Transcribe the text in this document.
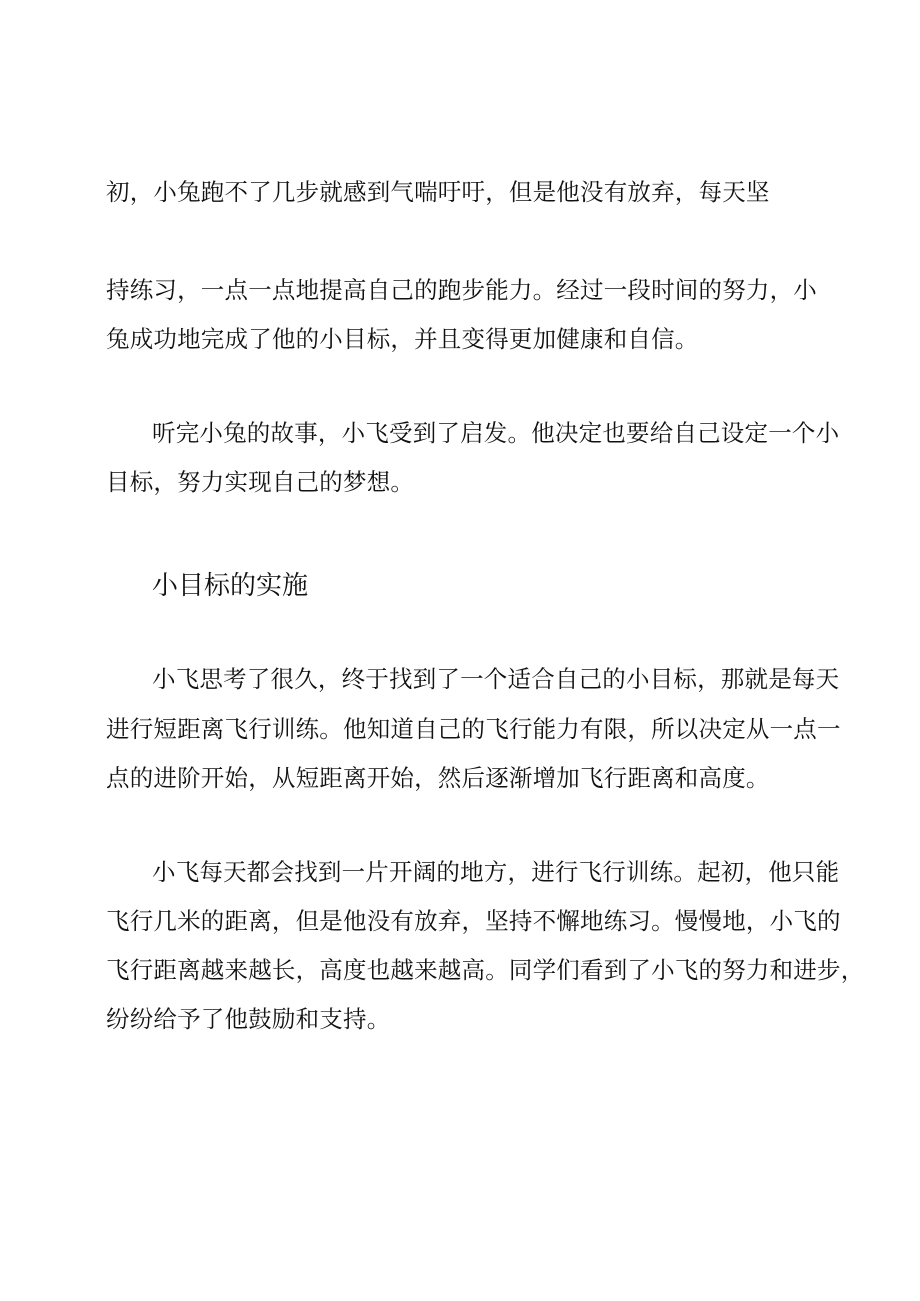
初，小兔跑不了几步就感到气喘吁吁，但是他没有放弃，每天坚
持练习，一点一点地提高自己的跑步能力。经过一段时间的努力，小
兔成功地完成了他的小目标，并且变得更加健康和自信。
听完小兔的故事，小飞受到了启发。他决定也要给自己设定一个小
目标，努力实现自己的梦想。
小目标的实施
小飞思考了很久，终于找到了一个适合自己的小目标，那就是每天
进行短距离飞行训练。他知道自己的飞行能力有限，所以决定从一点一
点的进阶开始，从短距离开始，然后逐渐增加飞行距离和高度。
小飞每天都会找到一片开阔的地方，进行飞行训练。起初，他只能
飞行几米的距离，但是他没有放弃，坚持不懈地练习。慢慢地，小飞的
飞行距离越来越长，高度也越来越高。同学们看到了小飞的努力和进步，
纷纷给予了他鼓励和支持。
